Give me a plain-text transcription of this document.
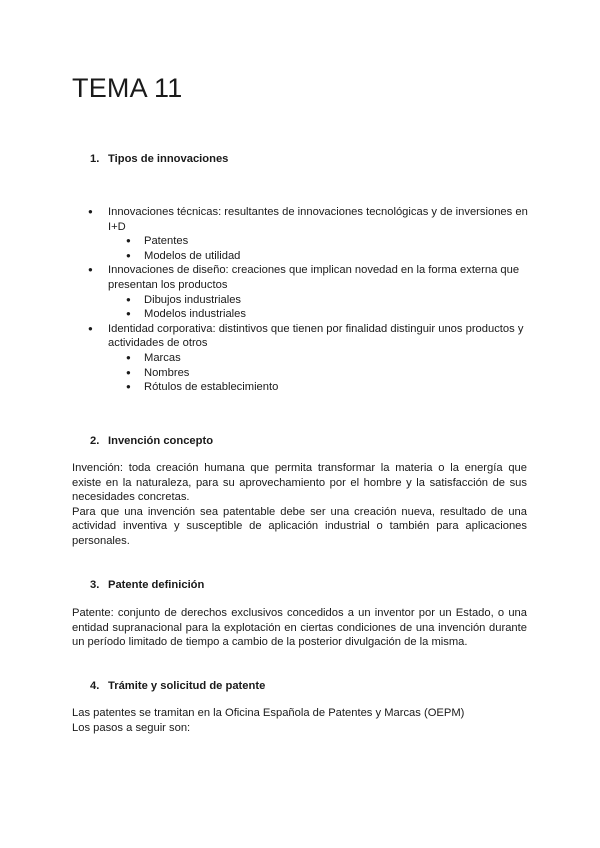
TEMA 11
1. Tipos de innovaciones
● Innovaciones técnicas: resultantes de innovaciones tecnológicas y de inversiones en I+D
● Patentes
● Modelos de utilidad
● Innovaciones de diseño: creaciones que implican novedad en la forma externa que presentan los productos
● Dibujos industriales
● Modelos industriales
● Identidad corporativa: distintivos que tienen por finalidad distinguir unos productos y actividades de otros
● Marcas
● Nombres
● Rótulos de establecimiento
2. Invención concepto
Invención: toda creación humana que permita transformar la materia o la energía que existe en la naturaleza, para su aprovechamiento por el hombre y la satisfacción de sus necesidades concretas.
Para que una invención sea patentable debe ser una creación nueva, resultado de una actividad inventiva y susceptible de aplicación industrial o también para aplicaciones personales.
3. Patente definición
Patente: conjunto de derechos exclusivos concedidos a un inventor por un Estado, o una entidad supranacional para la explotación en ciertas condiciones de una invención durante un período limitado de tiempo a cambio de la posterior divulgación de la misma.
4. Trámite y solicitud de patente
Las patentes se tramitan en la Oficina Española de Patentes y Marcas (OEPM)
Los pasos a seguir son:
